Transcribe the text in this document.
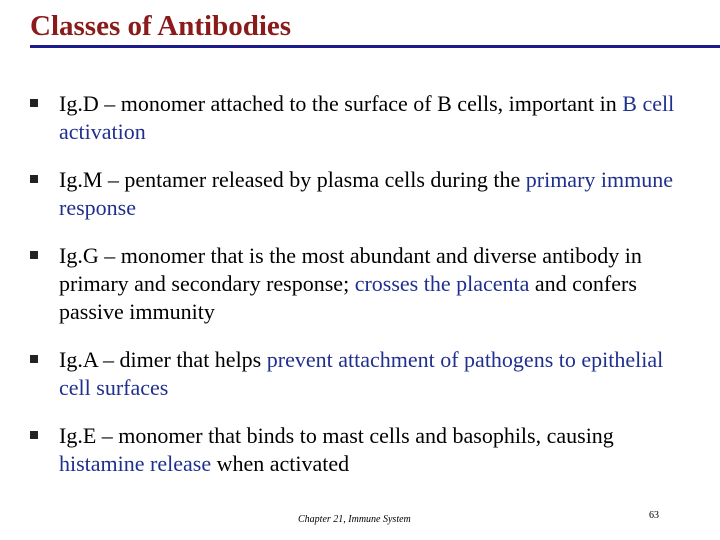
Classes of Antibodies
Ig.D – monomer attached to the surface of B cells, important in B cell activation
Ig.M – pentamer released by plasma cells during the primary immune response
Ig.G – monomer that is the most abundant and diverse antibody in primary and secondary response; crosses the placenta and confers passive immunity
Ig.A – dimer that helps prevent attachment of pathogens to epithelial cell surfaces
Ig.E – monomer that binds to mast cells and basophils, causing histamine release when activated
Chapter 21, Immune System	63
